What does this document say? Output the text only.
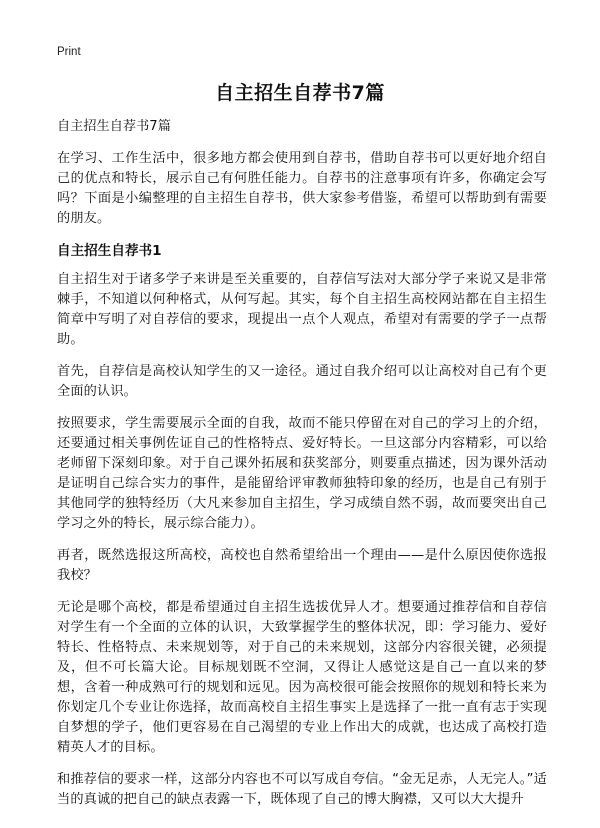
Print
自主招生自荐书7篇

自主招生自荐书7篇

在学习、工作生活中，很多地方都会使用到自荐书，借助自荐书可以更好地介绍自己的优点和特长，展示自己有何胜任能力。自荐书的注意事项有许多，你确定会写吗？下面是小编整理的自主招生自荐书，供大家参考借鉴，希望可以帮助到有需要的朋友。

自主招生自荐书1

自主招生对于诸多学子来讲是至关重要的，自荐信写法对大部分学子来说又是非常棘手，不知道以何种格式，从何写起。其实，每个自主招生高校网站都在自主招生简章中写明了对自荐信的要求，现提出一点个人观点，希望对有需要的学子一点帮助。

首先，自荐信是高校认知学生的又一途径。通过自我介绍可以让高校对自己有个更全面的认识。

按照要求，学生需要展示全面的自我，故而不能只停留在对自己的学习上的介绍，还要通过相关事例佐证自己的性格特点、爱好特长。一旦这部分内容精彩，可以给老师留下深刻印象。对于自己课外拓展和获奖部分，则要重点描述，因为课外活动是证明自己综合实力的事件，是能留给评审教师独特印象的经历，也是自己有别于其他同学的独特经历（大凡来参加自主招生，学习成绩自然不弱，故而要突出自己学习之外的特长，展示综合能力）。

再者，既然选报这所高校，高校也自然希望给出一个理由——是什么原因使你选报我校？

无论是哪个高校，都是希望通过自主招生选拔优异人才。想要通过推荐信和自荐信对学生有一个全面的立体的认识，大致掌握学生的整体状况，即：学习能力、爱好特长、性格特点、未来规划等，对于自己的未来规划，这部分内容很关键，必须提及，但不可长篇大论。目标规划既不空洞，又得让人感觉这是自己一直以来的梦想，含着一种成熟可行的规划和远见。因为高校很可能会按照你的规划和特长来为你划定几个专业让你选择，故而高校自主招生事实上是选择了一批一直有志于实现自梦想的学子，他们更容易在自己渴望的专业上作出大的成就，也达成了高校打造精英人才的目标。

和推荐信的要求一样，这部分内容也不可以写成自夸信。“金无足赤，人无完人。”适当的真诚的把自己的缺点表露一下，既体现了自己的博大胸襟，又可以大大提升
